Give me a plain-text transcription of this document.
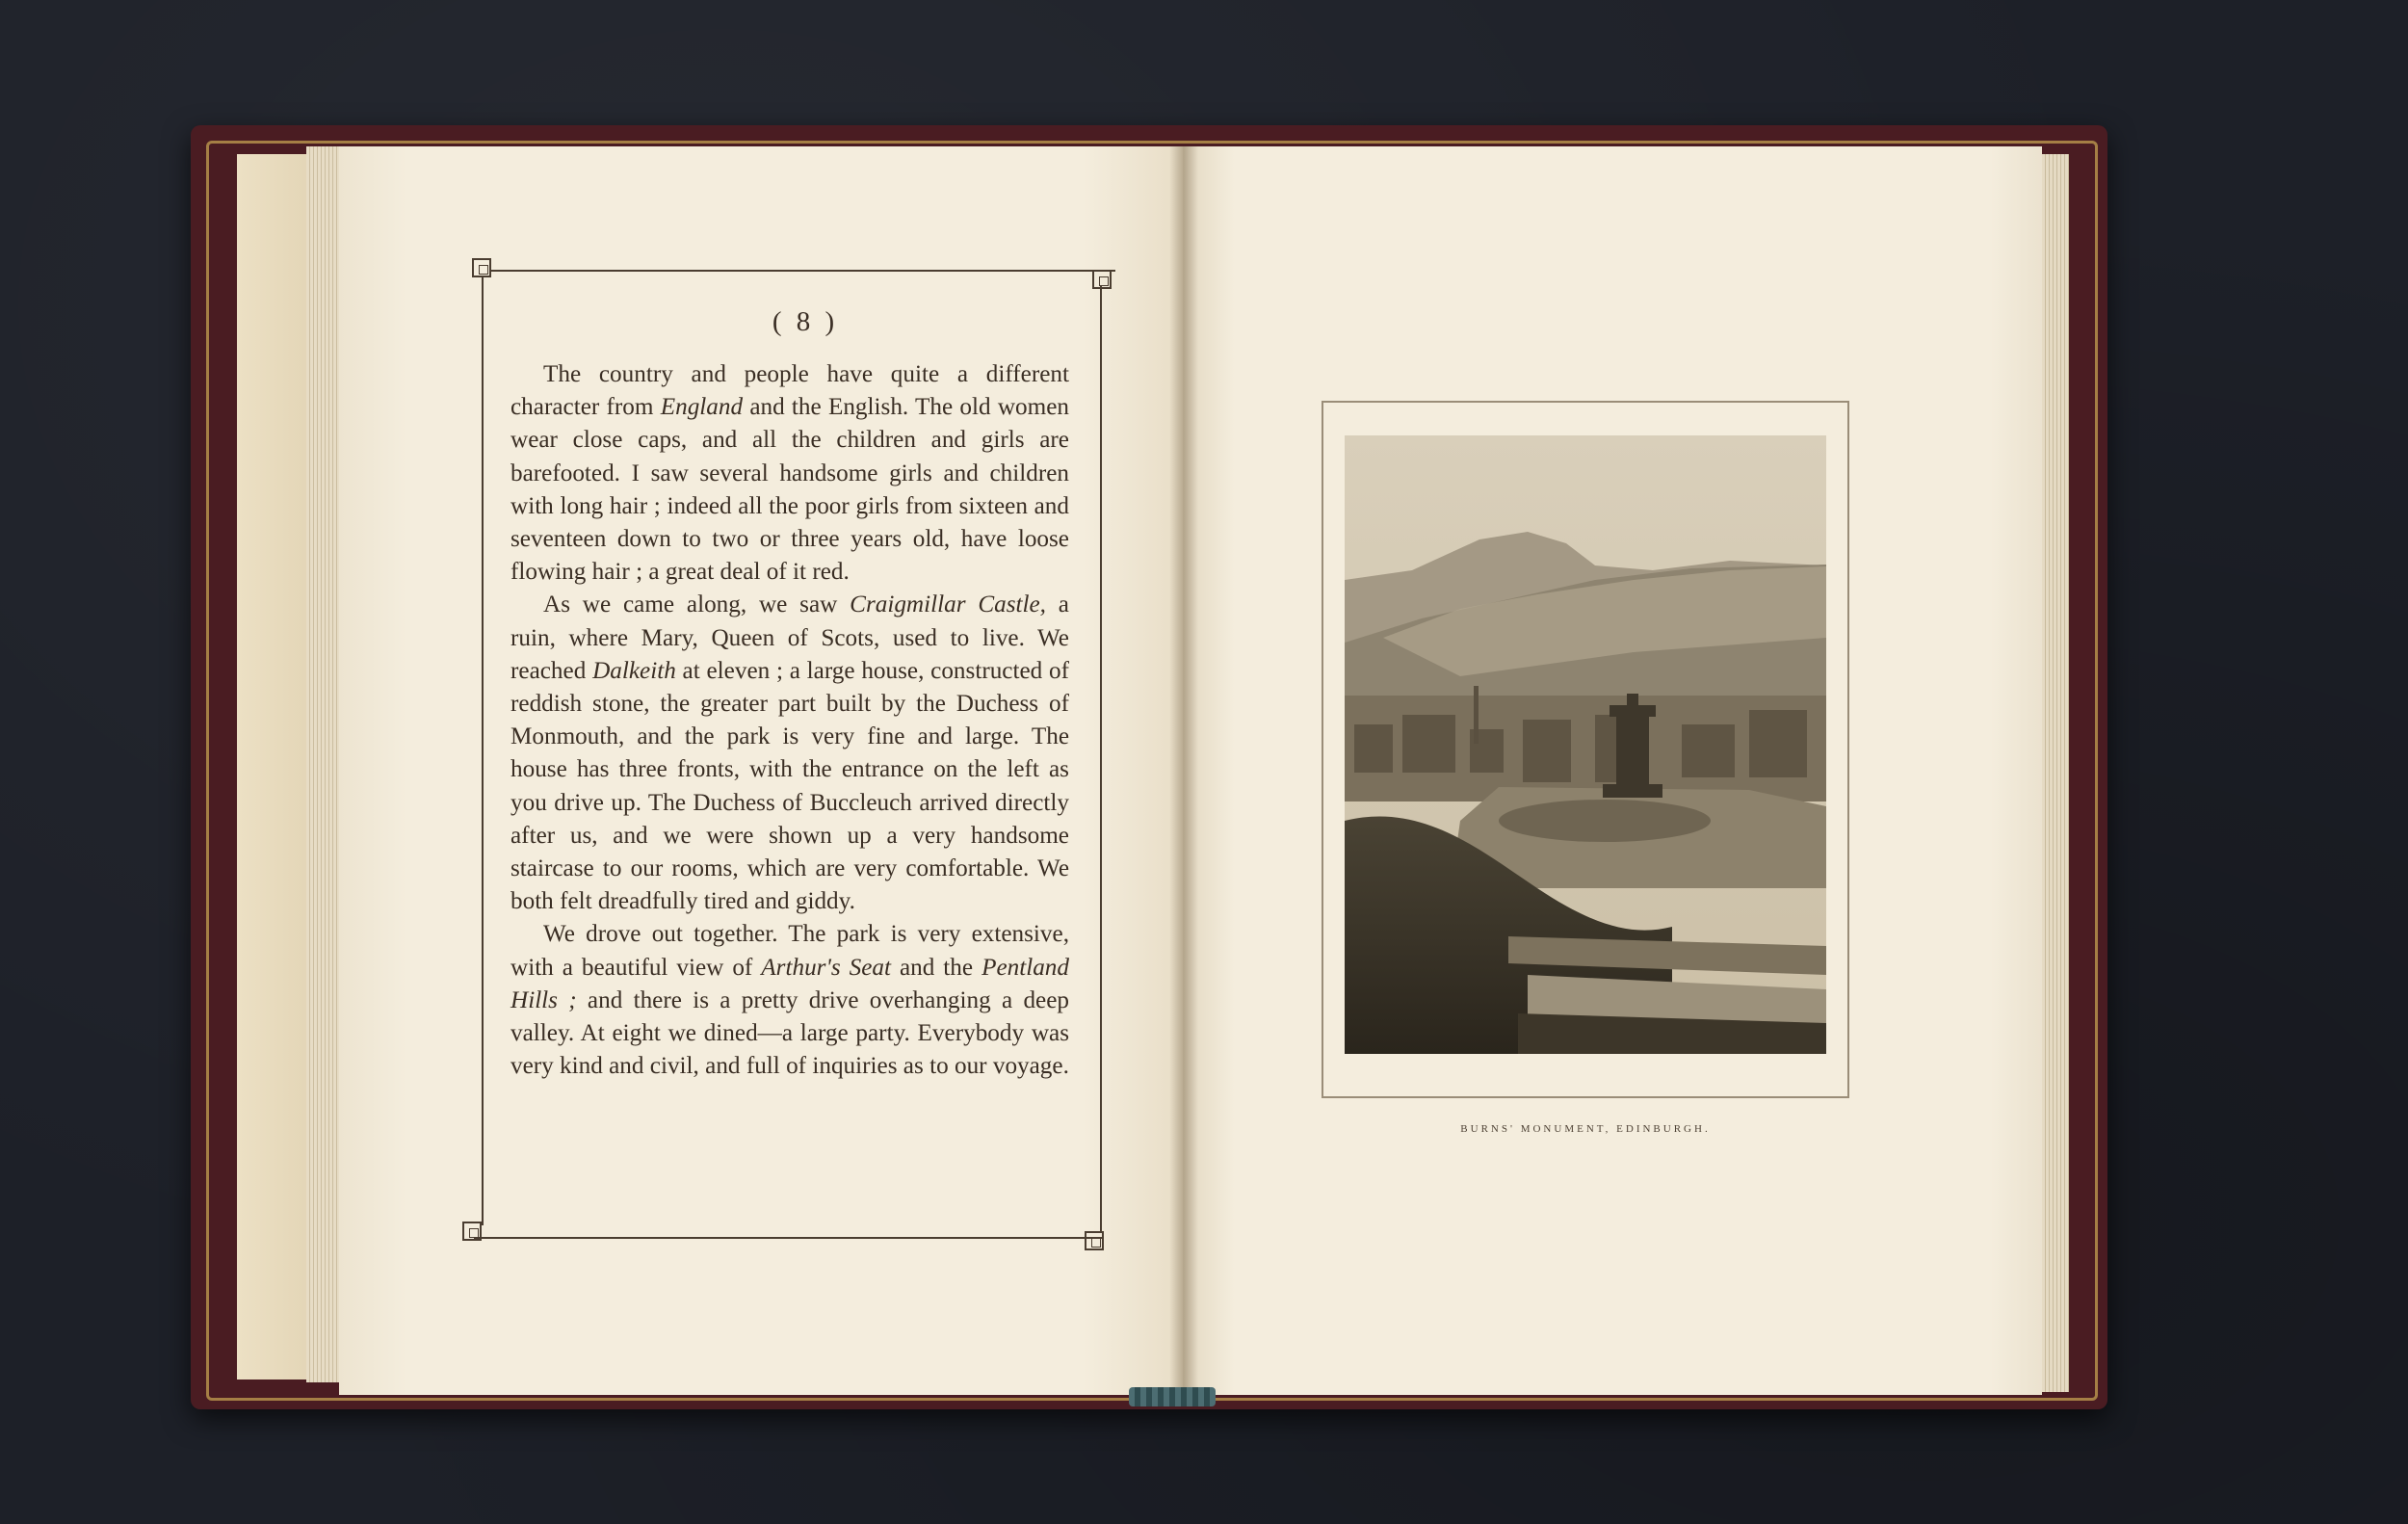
( 8 )

The country and people have quite a different character from England and the English. The old women wear close caps, and all the children and girls are barefooted. I saw several handsome girls and children with long hair ; indeed all the poor girls from sixteen and seventeen down to two or three years old, have loose flowing hair ; a great deal of it red.

As we came along, we saw Craigmillar Castle, a ruin, where Mary, Queen of Scots, used to live. We reached Dalkeith at eleven ; a large house, constructed of reddish stone, the greater part built by the Duchess of Monmouth, and the park is very fine and large. The house has three fronts, with the entrance on the left as you drive up. The Duchess of Buccleuch arrived directly after us, and we were shown up a very handsome staircase to our rooms, which are very comfortable. We both felt dreadfully tired and giddy.

We drove out together. The park is very extensive, with a beautiful view of Arthur's Seat and the Pentland Hills ; and there is a pretty drive overhanging a deep valley. At eight we dined—a large party. Everybody was very kind and civil, and full of inquiries as to our voyage.

BURNS' MONUMENT, EDINBURGH.
